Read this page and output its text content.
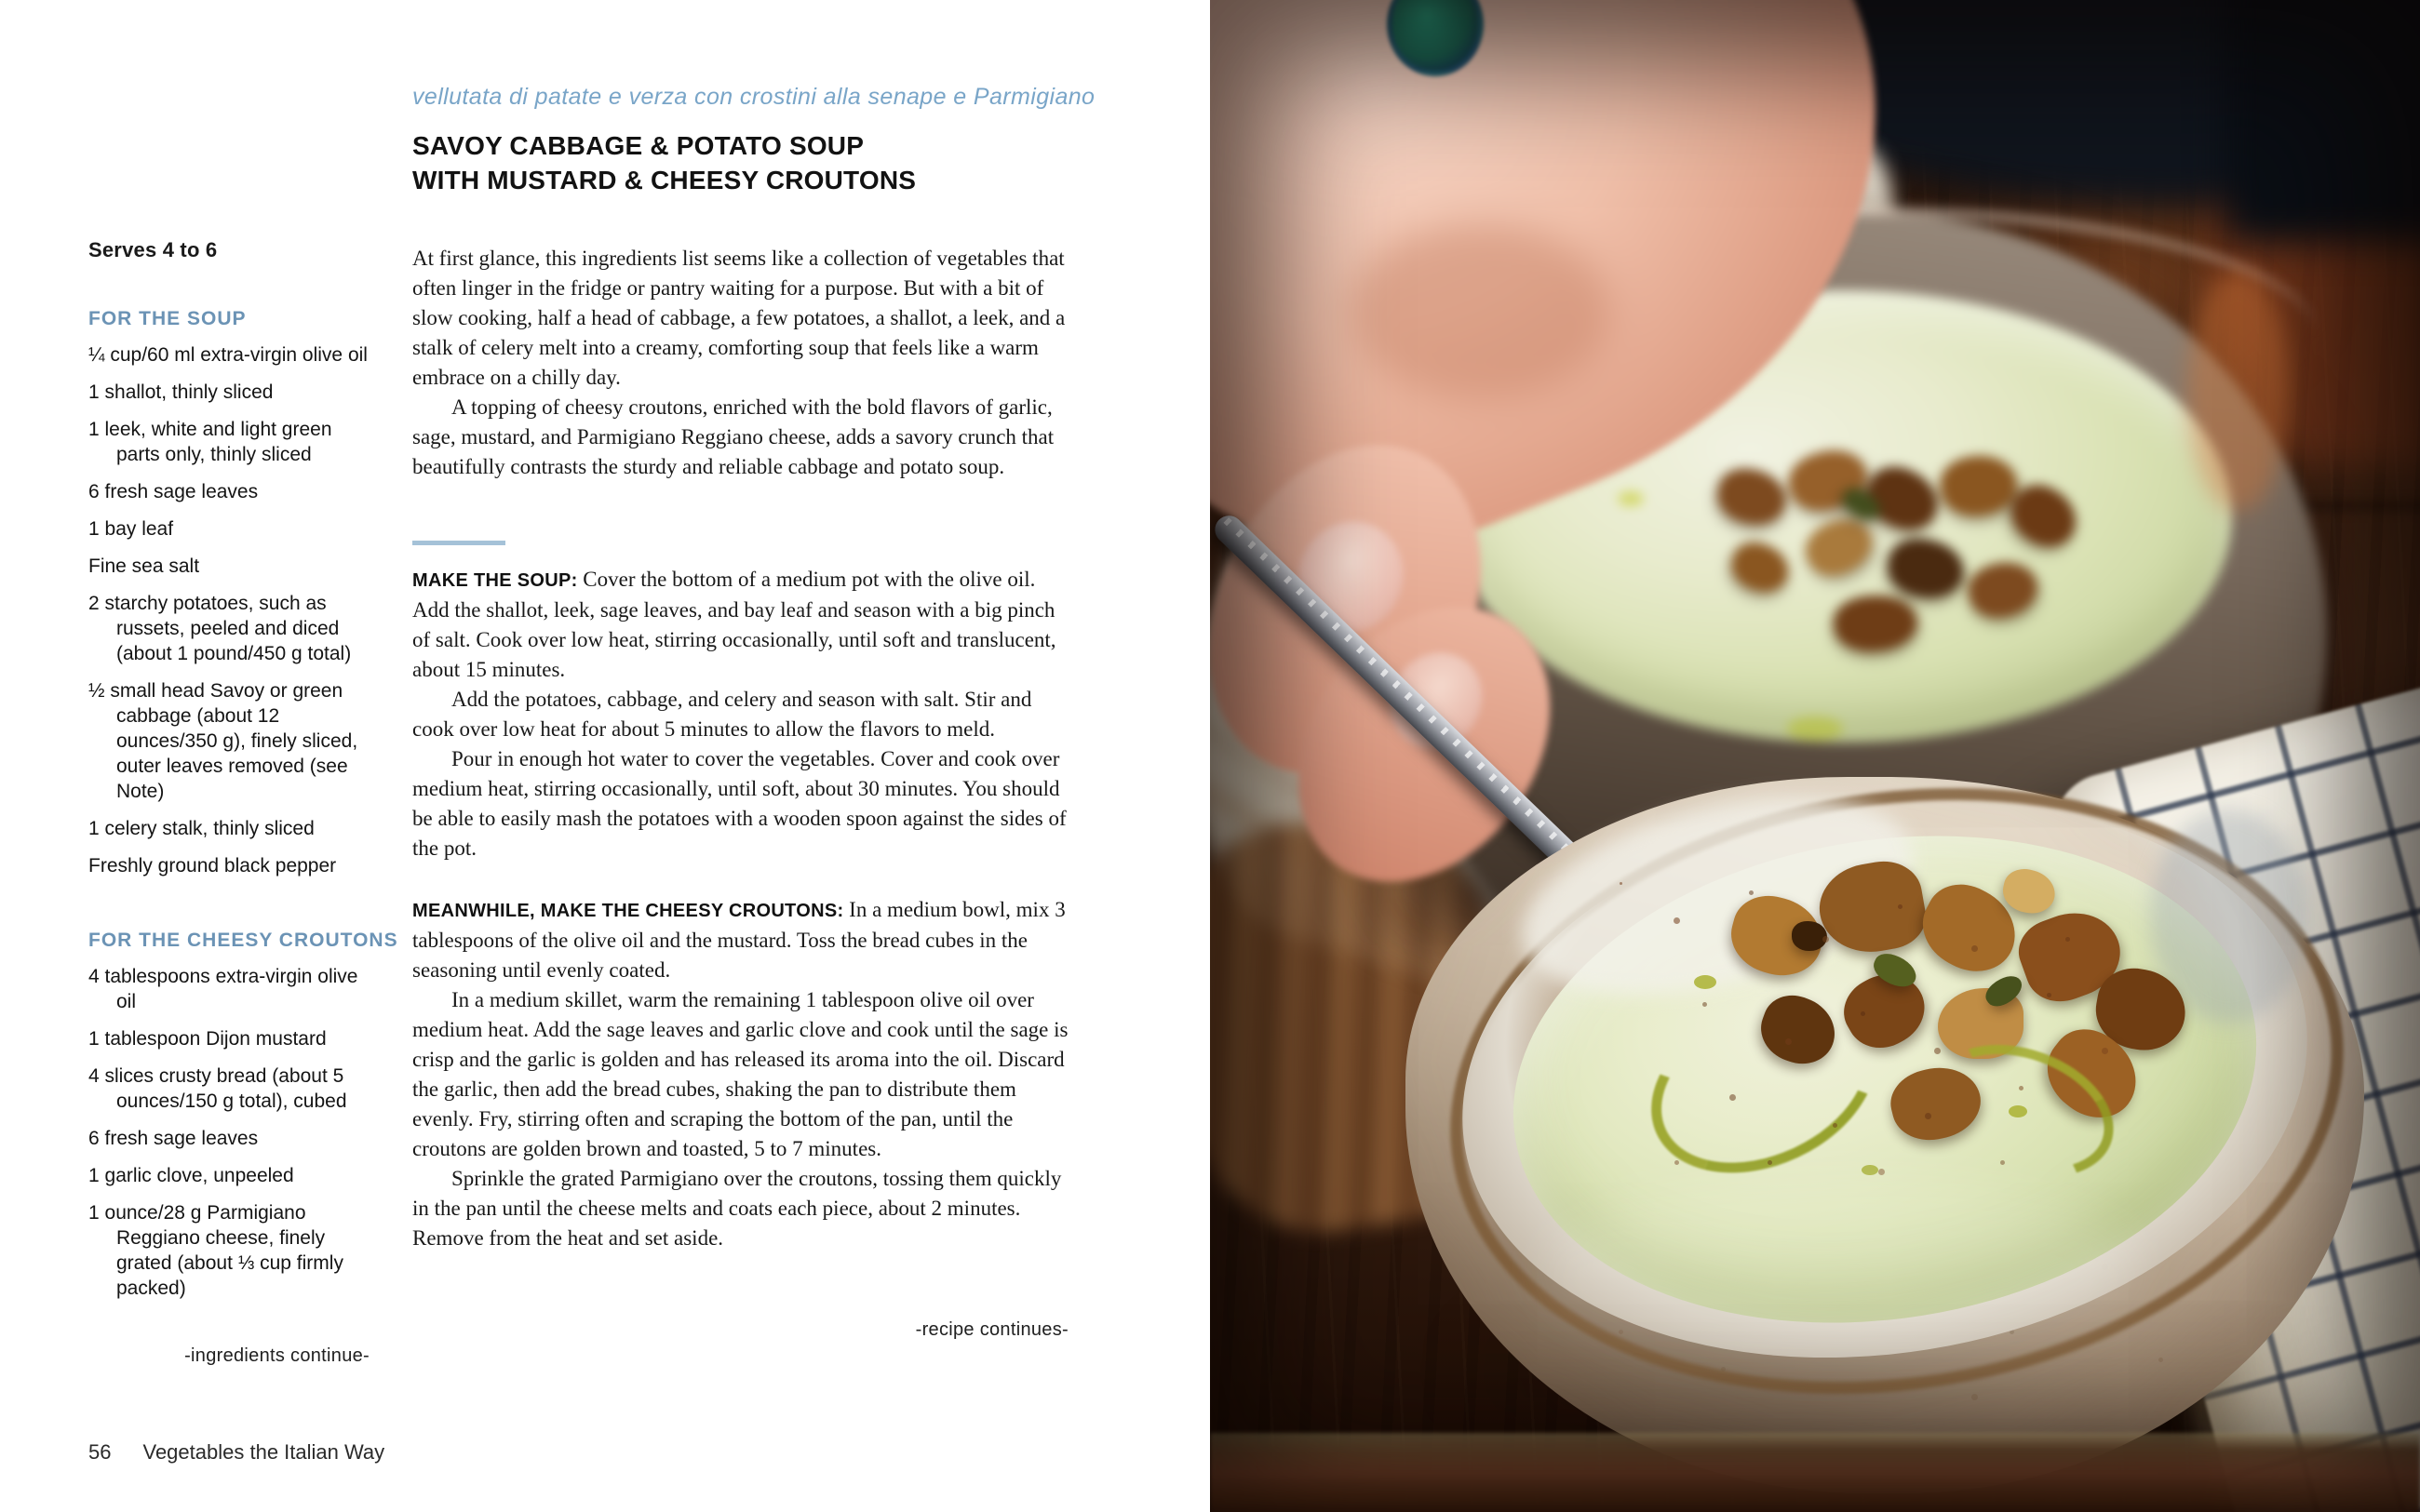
Serves 4 to 6
FOR THE SOUP
¼ cup/60 ml extra-virgin olive oil
1 shallot, thinly sliced
1 leek, white and light green parts only, thinly sliced
6 fresh sage leaves
1 bay leaf
Fine sea salt
2 starchy potatoes, such as russets, peeled and diced (about 1 pound/450 g total)
½ small head Savoy or green cabbage (about 12 ounces/350 g), finely sliced, outer leaves removed (see Note)
1 celery stalk, thinly sliced
Freshly ground black pepper
FOR THE CHEESY CROUTONS
4 tablespoons extra-virgin olive oil
1 tablespoon Dijon mustard
4 slices crusty bread (about 5 ounces/150 g total), cubed
6 fresh sage leaves
1 garlic clove, unpeeled
1 ounce/28 g Parmigiano Reggiano cheese, finely grated (about ⅓ cup firmly packed)
-ingredients continue-
vellutata di patate e verza con crostini alla senape e Parmigiano
SAVOY CABBAGE & POTATO SOUP
WITH MUSTARD & CHEESY CROUTONS

At first glance, this ingredients list seems like a collection of vegetables that often linger in the fridge or pantry waiting for a purpose. But with a bit of slow cooking, half a head of cabbage, a few potatoes, a shallot, a leek, and a stalk of celery melt into a creamy, comforting soup that feels like a warm embrace on a chilly day.

A topping of cheesy croutons, enriched with the bold flavors of garlic, sage, mustard, and Parmigiano Reggiano cheese, adds a savory crunch that beautifully contrasts the sturdy and reliable cabbage and potato soup.

MAKE THE SOUP: Cover the bottom of a medium pot with the olive oil. Add the shallot, leek, sage leaves, and bay leaf and season with a big pinch of salt. Cook over low heat, stirring occasionally, until soft and translucent, about 15 minutes.

Add the potatoes, cabbage, and celery and season with salt. Stir and cook over low heat for about 5 minutes to allow the flavors to meld.

Pour in enough hot water to cover the vegetables. Cover and cook over medium heat, stirring occasionally, until soft, about 30 minutes. You should be able to easily mash the potatoes with a wooden spoon against the sides of the pot.

MEANWHILE, MAKE THE CHEESY CROUTONS: In a medium bowl, mix 3 tablespoons of the olive oil and the mustard. Toss the bread cubes in the seasoning until evenly coated.

In a medium skillet, warm the remaining 1 tablespoon olive oil over medium heat. Add the sage leaves and garlic clove and cook until the sage is crisp and the garlic is golden and has released its aroma into the oil. Discard the garlic, then add the bread cubes, shaking the pan to distribute them evenly. Fry, stirring often and scraping the bottom of the pan, until the croutons are golden brown and toasted, 5 to 7 minutes.

Sprinkle the grated Parmigiano over the croutons, tossing them quickly in the pan until the cheese melts and coats each piece, about 2 minutes. Remove from the heat and set aside.

-recipe continues-
56 Vegetables the Italian Way
